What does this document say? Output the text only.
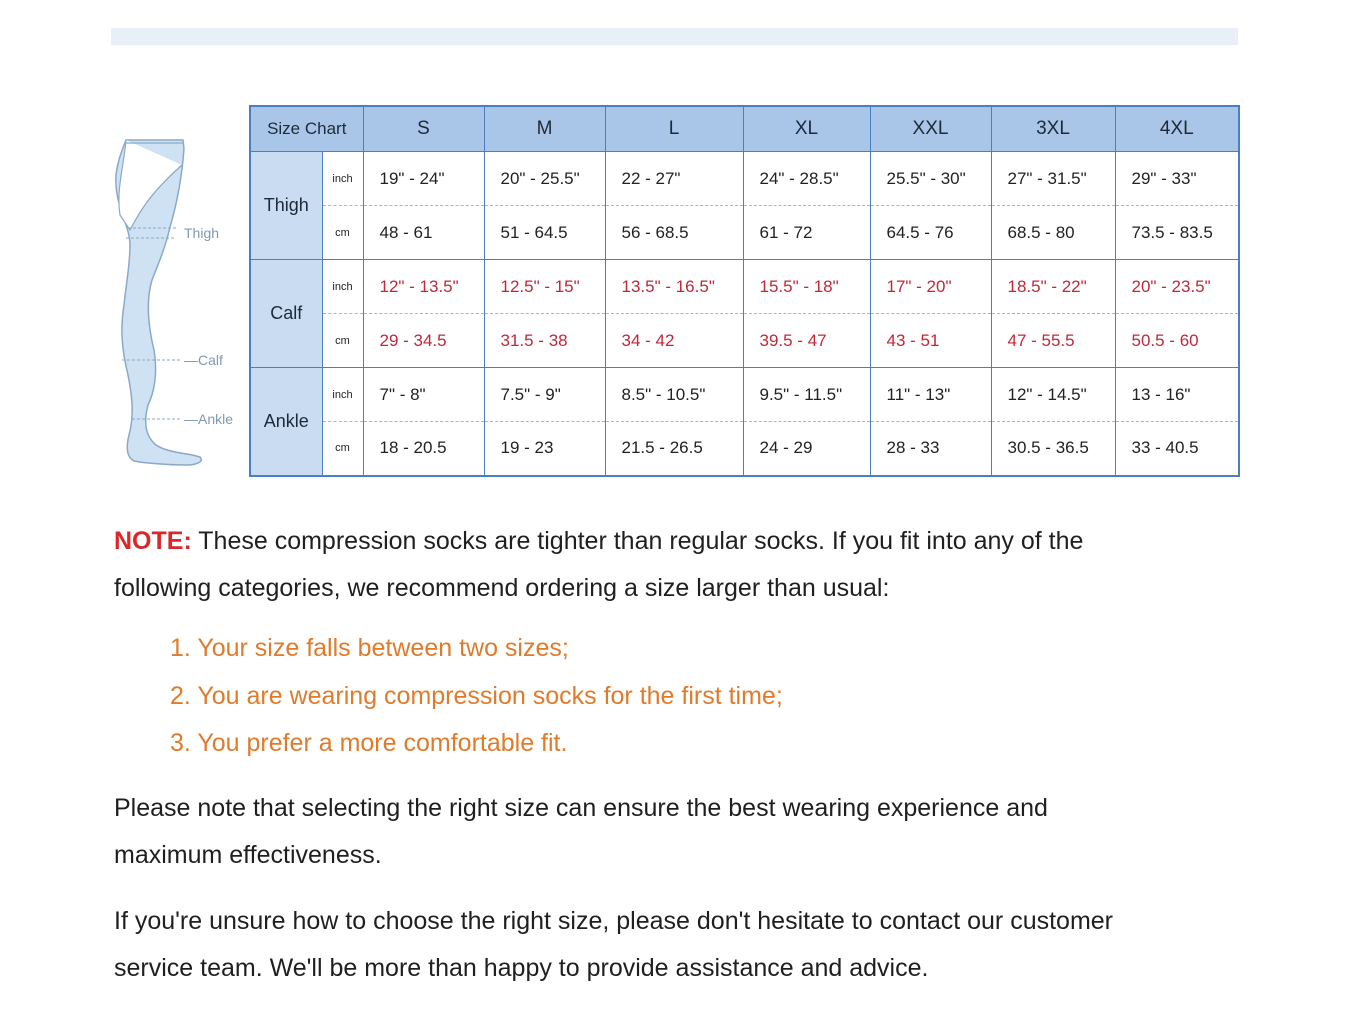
Thigh
—Calf
—Ankle
Size Chart		S	M	L	XL	XXL	3XL	4XL
Thigh	inch	19" - 24"	20" - 25.5"	22 - 27"	24" - 28.5"	25.5" - 30"	27" - 31.5"	29" - 33"
	cm	48 - 61	51 - 64.5	56 - 68.5	61 - 72	64.5 - 76	68.5 - 80	73.5 - 83.5
Calf	inch	12" - 13.5"	12.5" - 15"	13.5" - 16.5"	15.5" - 18"	17" - 20"	18.5" - 22"	20" - 23.5"
	cm	29 - 34.5	31.5 - 38	34 - 42	39.5 - 47	43 - 51	47 - 55.5	50.5 - 60
Ankle	inch	7" - 8"	7.5" - 9"	8.5" - 10.5"	9.5" - 11.5"	11" - 13"	12" - 14.5"	13 - 16"
	cm	18 - 20.5	19 - 23	21.5 - 26.5	24 - 29	28 - 33	30.5 - 36.5	33 - 40.5

NOTE: These compression socks are tighter than regular socks. If you fit into any of the

following categories, we recommend ordering a size larger than usual:

1. Your size falls between two sizes;
2. You are wearing compression socks for the first time;
3. You prefer a more comfortable fit.

Please note that selecting the right size can ensure the best wearing experience and

maximum effectiveness.

If you're unsure how to choose the right size, please don't hesitate to contact our customer

service team. We'll be more than happy to provide assistance and advice.
